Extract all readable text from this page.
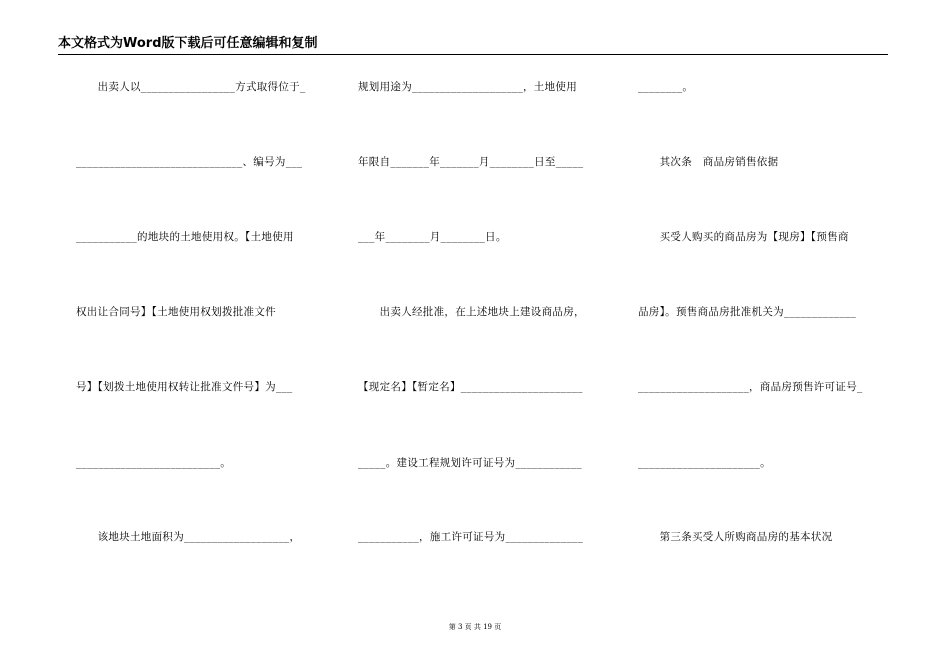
本文格式为Word版下载后可任意编辑和复制
　　出卖人以_________________方式取得位于_
______________________________、编号为___
___________的地块的土地使用权。【土地使用
权出让合同号】【土地使用权划拨批准文件
号】【划拨土地使用权转让批准文件号】为___
__________________________。
　　该地块土地面积为___________________，
规划用途为____________________，土地使用
年限自_______年_______月________日至_____
___年________月________日。
　　出卖人经批准，在上述地块上建设商品房，
【现定名】【暂定名】______________________
_____。建设工程规划许可证号为____________
___________，施工许可证号为______________
________。
　　其次条　商品房销售依据
　　买受人购买的商品房为【现房】【预售商
品房】。预售商品房批准机关为_____________
____________________，商品房预售许可证号_
______________________。
　　第三条买受人所购商品房的基本状况
第 3 页 共 19 页
